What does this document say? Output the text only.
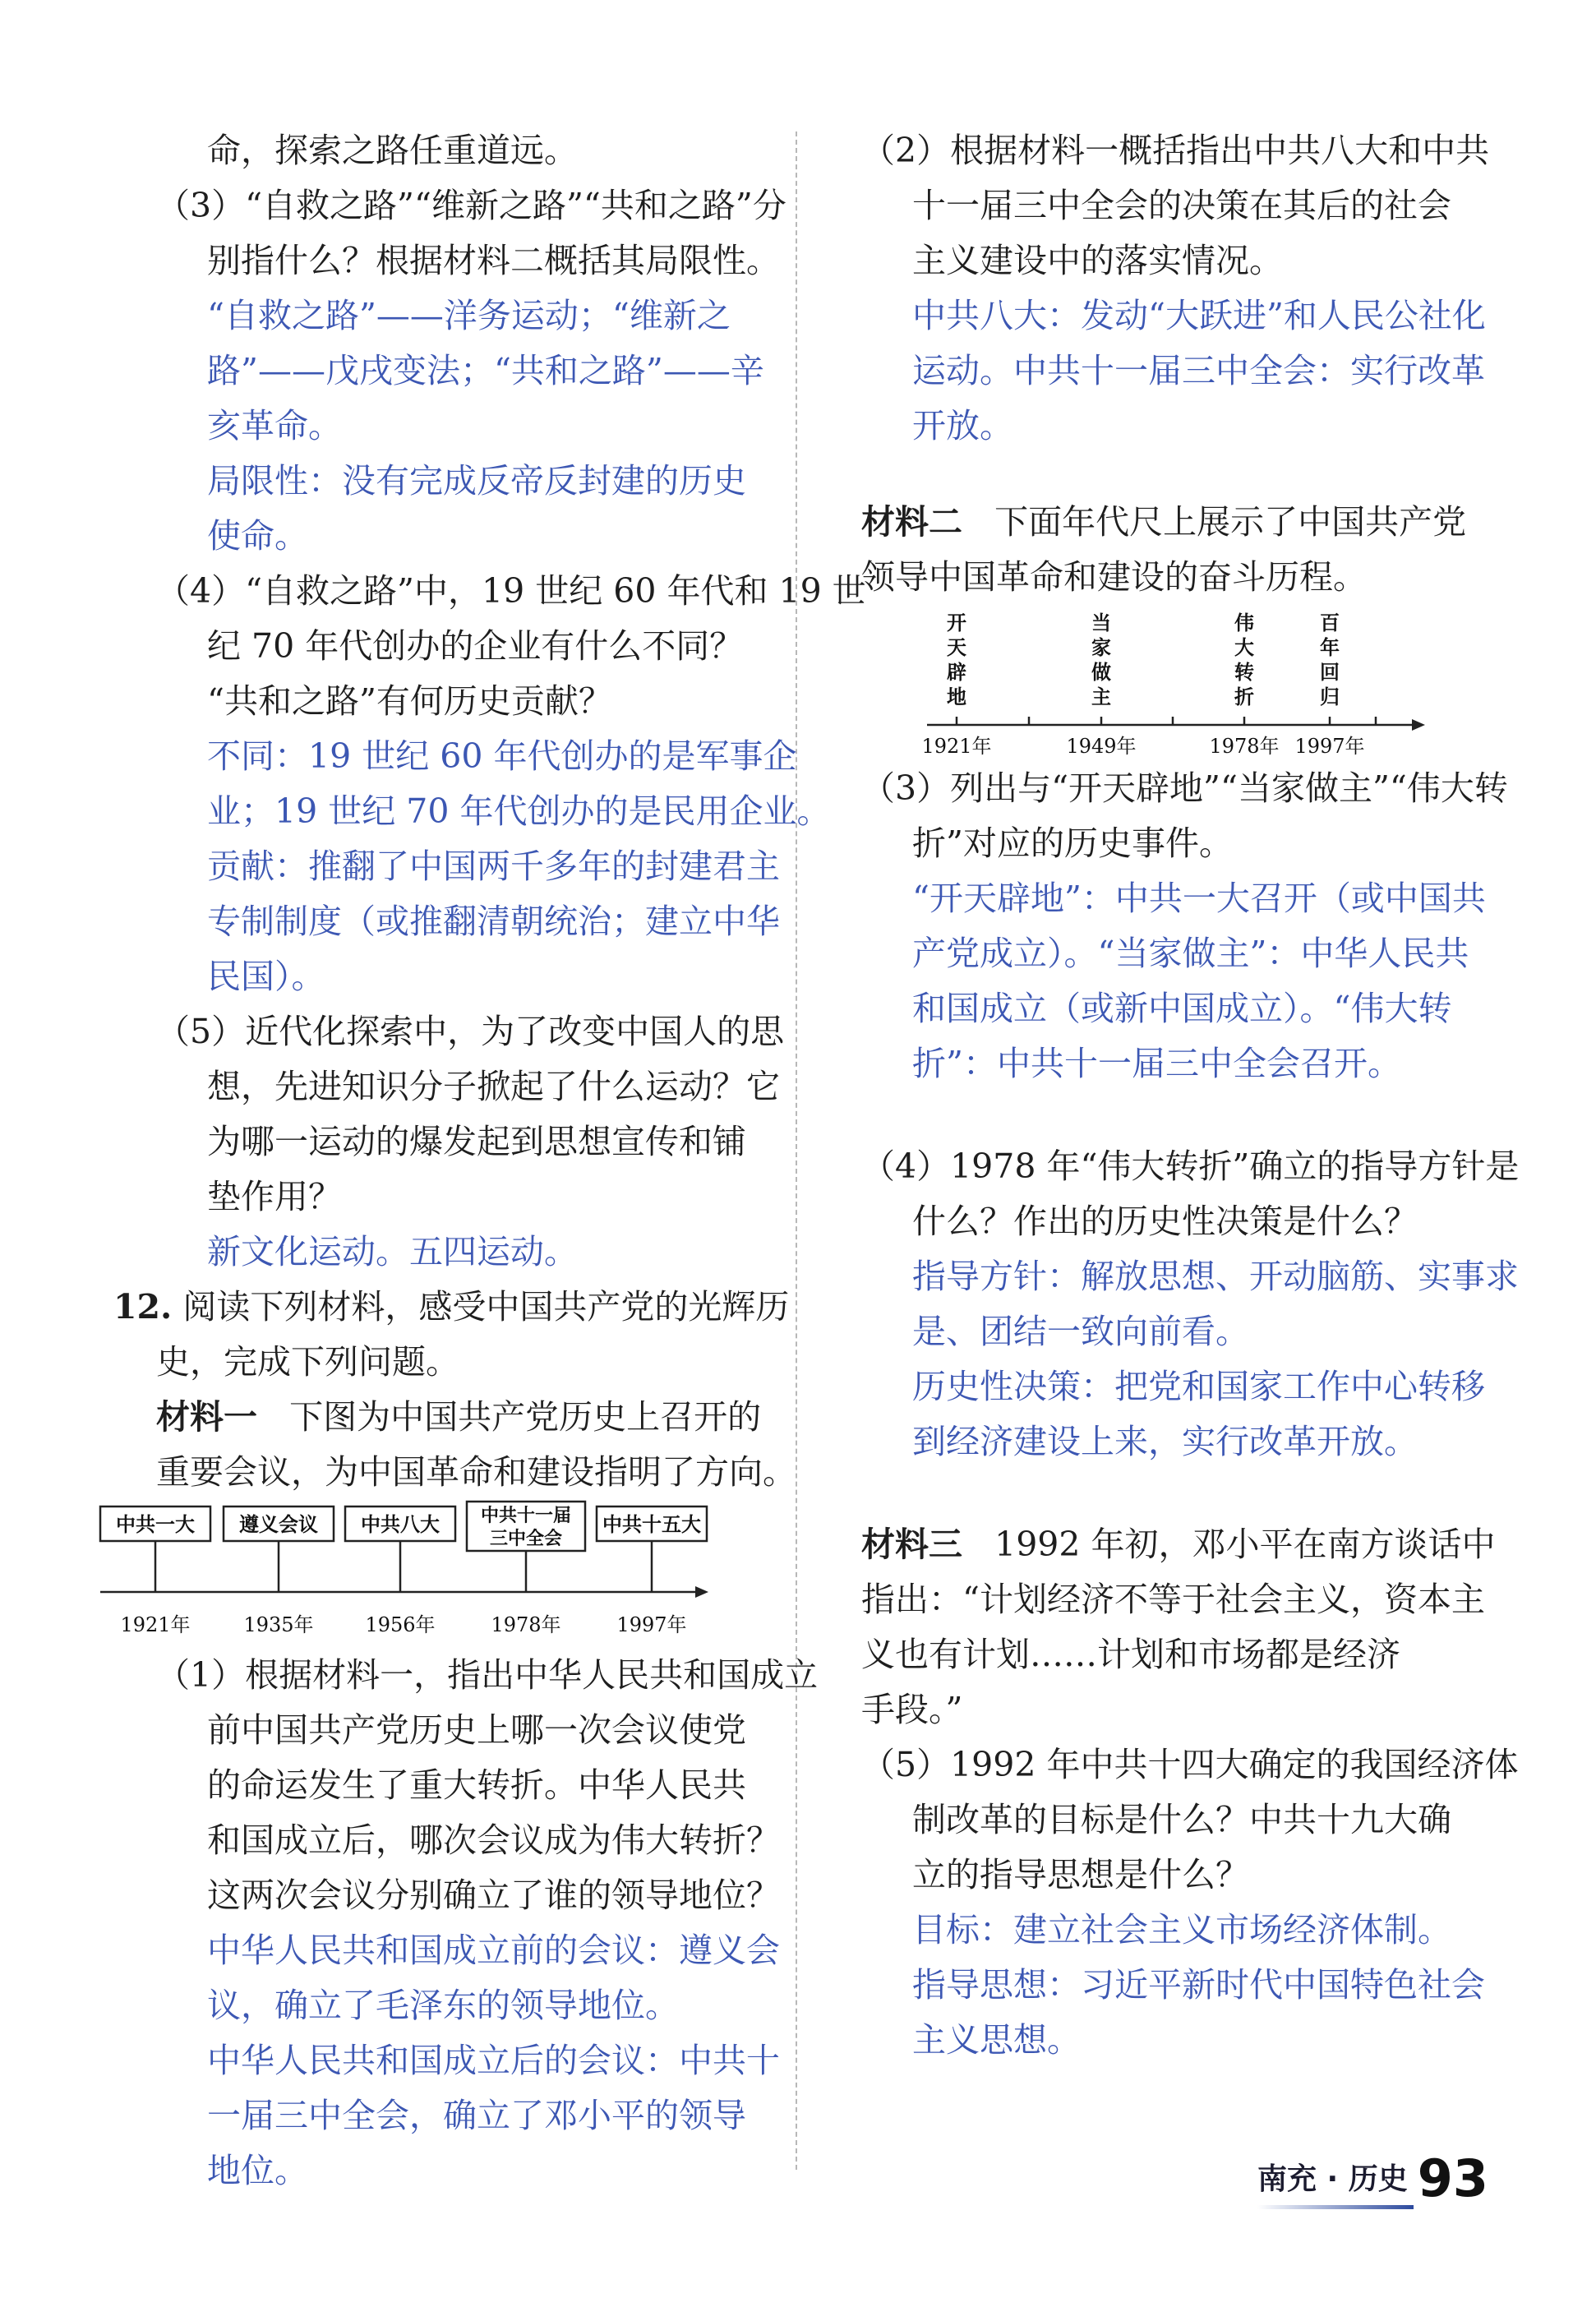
命，探索之路任重道远。
（3）“自救之路”“维新之路”“共和之路”分
别指什么？根据材料二概括其局限性。
“自救之路”——洋务运动；“维新之
路”——戊戌变法；“共和之路”——辛
亥革命。
局限性：没有完成反帝反封建的历史
使命。
（4）“自救之路”中，19 世纪 60 年代和 19 世
纪 70 年代创办的企业有什么不同？
“共和之路”有何历史贡献？
不同：19 世纪 60 年代创办的是军事企
业；19 世纪 70 年代创办的是民用企业。
贡献：推翻了中国两千多年的封建君主
专制制度（或推翻清朝统治；建立中华
民国）。
（5）近代化探索中，为了改变中国人的思
想，先进知识分子掀起了什么运动？它
为哪一运动的爆发起到思想宣传和铺
垫作用？
新文化运动。五四运动。
12. 阅读下列材料，感受中国共产党的光辉历
史，完成下列问题。
材料一 下图为中国共产党历史上召开的
重要会议，为中国革命和建设指明了方向。
中共一大 遵义会议 中共八大 中共十一届
三中全会
中共十五大
1921年	1935年	1956年	1978年	1997年
（1）根据材料一，指出中华人民共和国成立
前中国共产党历史上哪一次会议使党
的命运发生了重大转折。中华人民共
和国成立后，哪次会议成为伟大转折？
这两次会议分别确立了谁的领导地位？
中华人民共和国成立前的会议：遵义会
议，确立了毛泽东的领导地位。
中华人民共和国成立后的会议：中共十
一届三中全会，确立了邓小平的领导
地位。
（2）根据材料一概括指出中共八大和中共
十一届三中全会的决策在其后的社会
主义建设中的落实情况。
中共八大：发动“大跃进”和人民公社化
运动。中共十一届三中全会：实行改革
开放。
材料二 下面年代尺上展示了中国共产党
领导中国革命和建设的奋斗历程。
开
天
辟
地
当
家
做
主
伟
大
转
折
百
年
回
归
1921年	1949年	1978年 1997年
（3）列出与“开天辟地”“当家做主”“伟大转
折”对应的历史事件。
“开天辟地”：中共一大召开（或中国共
产党成立）。“当家做主”：中华人民共
和国成立（或新中国成立）。“伟大转
折”：中共十一届三中全会召开。
（4）1978 年“伟大转折”确立的指导方针是
什么？作出的历史性决策是什么？
指导方针：解放思想、开动脑筋、实事求
是、团结一致向前看。
历史性决策：把党和国家工作中心转移
到经济建设上来，实行改革开放。
材料三 1992 年初，邓小平在南方谈话中
指出：“计划经济不等于社会主义，资本主
义也有计划……计划和市场都是经济
手段。”
（5）1992 年中共十四大确定的我国经济体
制改革的目标是什么？中共十九大确
立的指导思想是什么？
目标：建立社会主义市场经济体制。
指导思想：习近平新时代中国特色社会
主义思想。
南充 · 历史 93
